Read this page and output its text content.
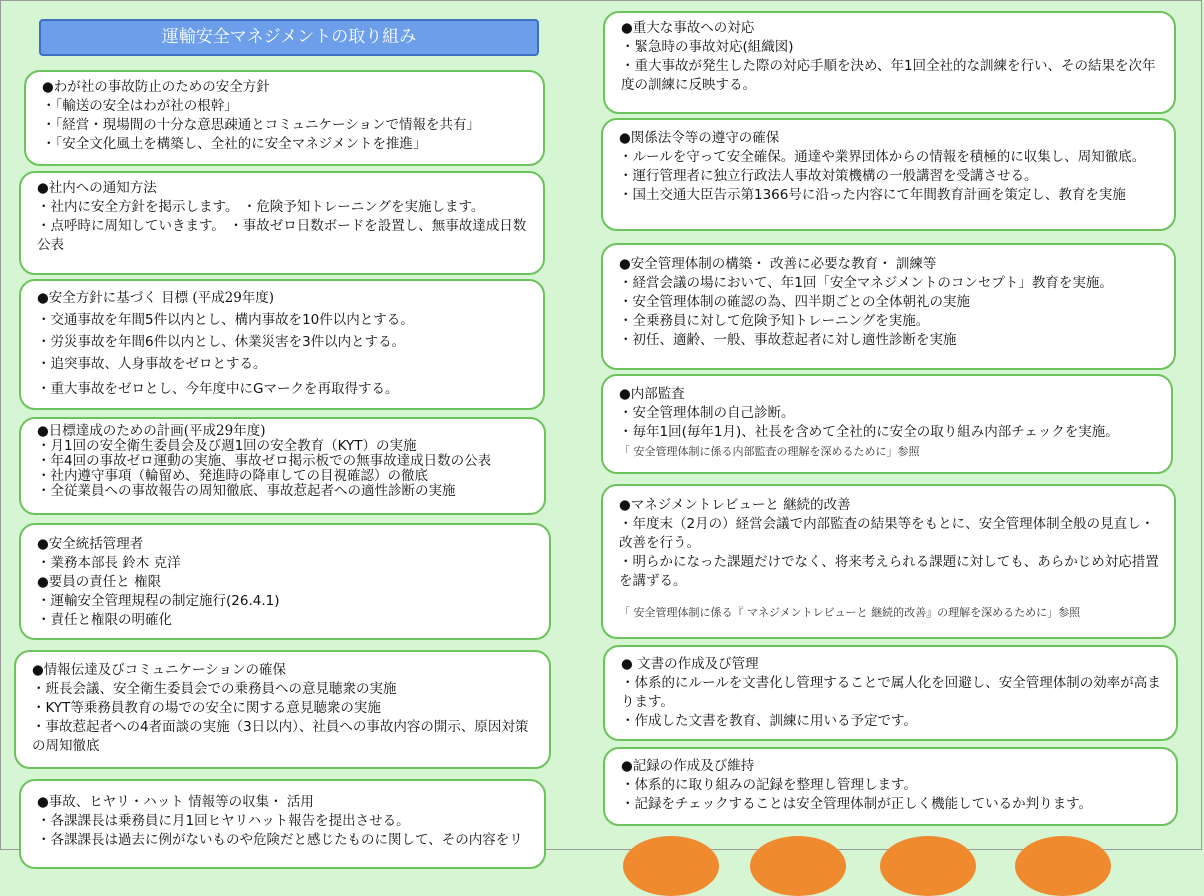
運輸安全マネジメントの取り組み

●わが社の事故防止のための安全方針

・「輸送の安全はわが社の根幹」

・「経営・現場間の十分な意思疎通とコミュニケーションで情報を共有」

・「安全文化風土を構築し、全社的に安全マネジメントを推進」

●社内への通知方法

・社内に安全方針を掲示します。 ・危険予知トレーニングを実施します。

・点呼時に周知していきます。 ・事故ゼロ日数ボードを設置し、無事故達成日数公表

●安全方針に基づく 目標 (平成29年度)

・交通事故を年間5件以内とし、構内事故を10件以内とする。

・労災事故を年間6件以内とし、休業災害を3件以内とする。

・追突事故、人身事故をゼロとする。

・重大事故をゼロとし、今年度中にGマークを再取得する。

●日標達成のための計画(平成29年度)

・月1回の安全衛生委員会及び週1回の安全教育（KYT）の実施

・年4回の事故ゼロ運動の実施、事故ゼロ掲示板での無事故達成日数の公表

・社内遵守事項（輪留め、発進時の降車しての目視確認）の徹底

・全従業員への事故報告の周知徹底、事故惹起者への適性診断の実施

●安全統括管理者

・業務本部長 鈴木 克洋

●要員の責任と 権限

・運輸安全管理規程の制定施行(26.4.1)

・責任と権限の明確化

●情報伝達及びコミュニケーションの確保

・班長会議、安全衛生委員会での乗務員への意見聴衆の実施

・KYT等乗務員教育の場での安全に関する意見聴衆の実施

・事故惹起者への4者面談の実施（3日以内）、社員への事故内容の開示、原因対策の周知徹底

●事故、ヒヤリ・ハット 情報等の収集・ 活用

・各課課長は乗務員に月1回ヒヤリハット報告を提出させる。

・各課課長は過去に例がないものや危険だと感じたものに関して、その内容をリ

●重大な事故への対応

・緊急時の事故対応(組織図)

・重大事故が発生した際の対応手順を決め、年1回全社的な訓練を行い、その結果を次年度の訓練に反映する。

●関係法令等の遵守の確保

・ルールを守って安全確保。通達や業界団体からの情報を積極的に収集し、周知徹底。

・運行管理者に独立行政法人事故対策機構の一般講習を受講させる。

・国土交通大臣告示第1366号に沿った内容にて年間教育計画を策定し、教育を実施

●安全管理体制の構築・ 改善に必要な教育・ 訓練等

・経営会議の場において、年1回「安全マネジメントのコンセプト」教育を実施。

・安全管理体制の確認の為、四半期ごとの全体朝礼の実施

・全乗務員に対して危険予知トレーニングを実施。

・初任、適齢、一般、事故惹起者に対し適性診断を実施

●内部監査

・安全管理体制の自己診断。

・毎年1回(毎年1月)、社長を含めて全社的に安全の取り組み内部チェックを実施。

「 安全管理体制に係る内部監査の理解を深めるために」参照

●マネジメントレビューと 継続的改善

・年度末（2月の）経営会議で内部監査の結果等をもとに、安全管理体制全般の見直し・改善を行う。

・明らかになった課題だけでなく、将来考えられる課題に対しても、あらかじめ対応措置を講ずる。

「 安全管理体制に係る『 マネジメントレビューと 継続的改善』の理解を深めるために」参照

● 文書の作成及び管理

・体系的にルールを文書化し管理することで属人化を回避し、安全管理体制の効率が高まります。

・作成した文書を教育、訓練に用いる予定です。

●記録の作成及び維持

・体系的に取り組みの記録を整理し管理します。

・記録をチェックすることは安全管理体制が正しく機能しているか判ります。
